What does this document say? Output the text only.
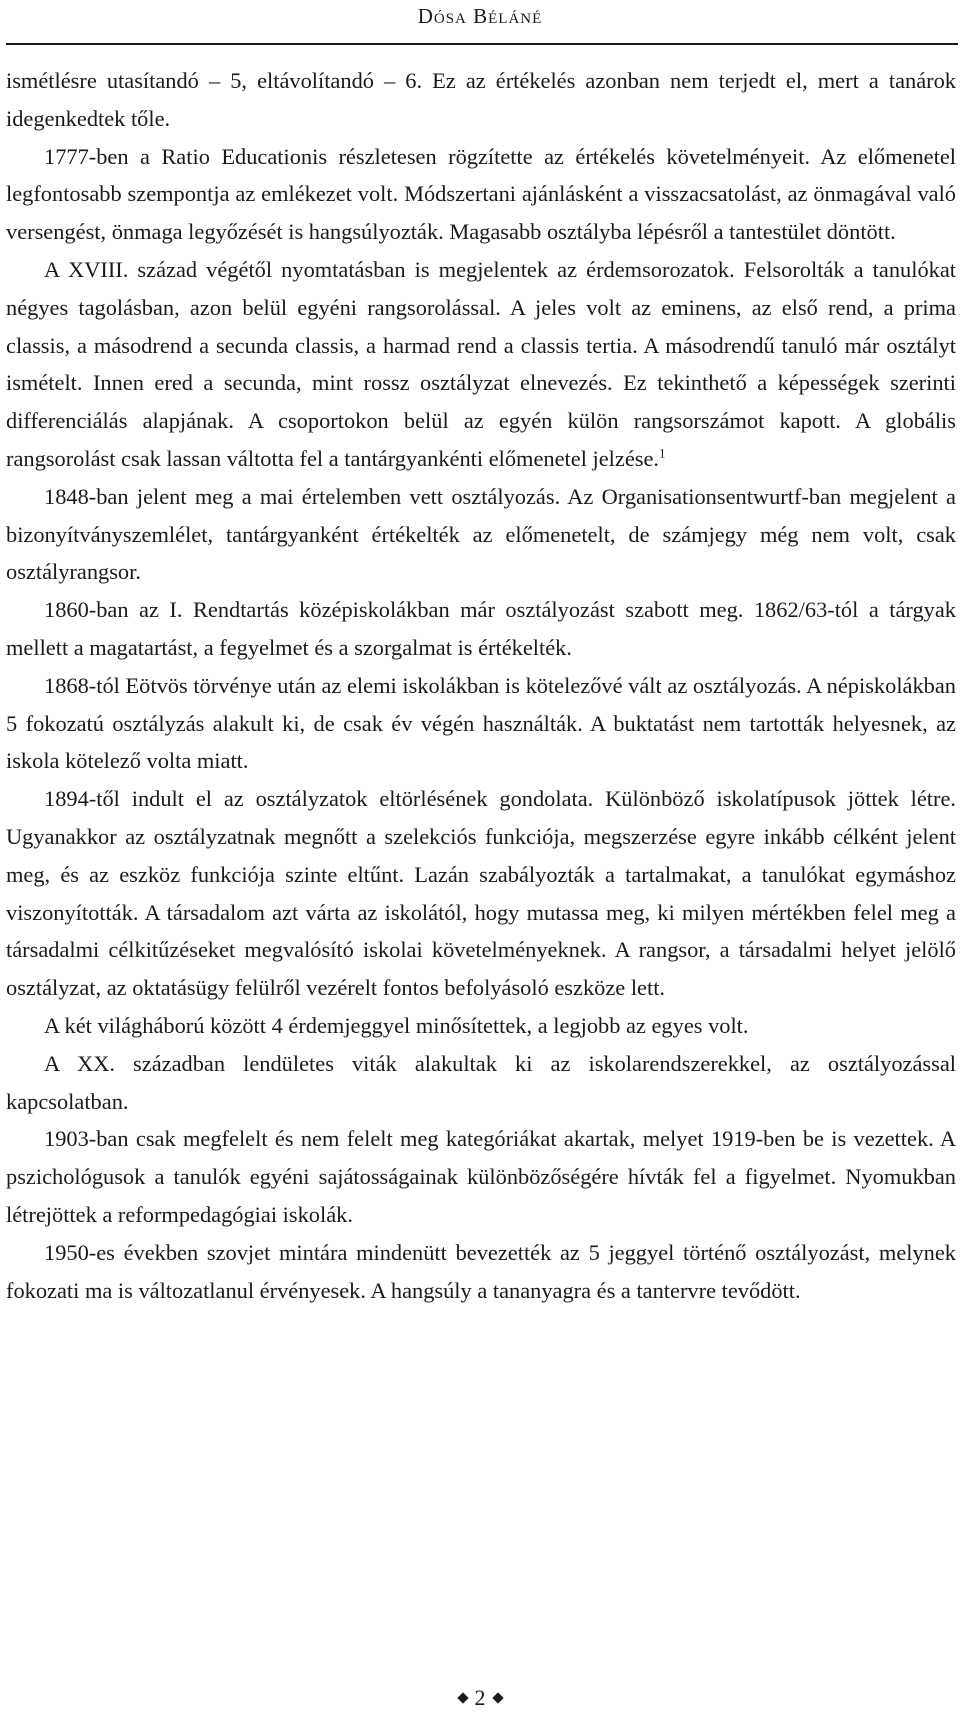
Dósa Béláné

ismétlésre utasítandó – 5, eltávolítandó – 6. Ez az értékelés azonban nem terjedt el, mert a tanárok idegenkedtek tőle.

1777-ben a Ratio Educationis részletesen rögzítette az értékelés követelményeit. Az előmenetel legfontosabb szempontja az emlékezet volt. Módszertani ajánlásként a visszacsatolást, az önmagával való versengést, önmaga legyőzését is hangsúlyozták. Magasabb osztályba lépésről a tantestület döntött.

A XVIII. század végétől nyomtatásban is megjelentek az érdemsorozatok. Felsorolták a tanulókat négyes tagolásban, azon belül egyéni rangsorolással. A jeles volt az eminens, az első rend, a prima classis, a másodrend a secunda classis, a harmad rend a classis tertia. A másodrendű tanuló már osztályt ismételt. Innen ered a secunda, mint rossz osztályzat elnevezés. Ez tekinthető a képességek szerinti differenciálás alapjának. A csoportokon belül az egyén külön rangsorszámot kapott. A globális rangsorolást csak lassan váltotta fel a tantárgyankénti előmenetel jelzése.$^1$

1848-ban jelent meg a mai értelemben vett osztályozás. Az Organisationsentwurtf-ban megjelent a bizonyítványszemlélet, tantárgyanként értékelték az előmenetelt, de számjegy még nem volt, csak osztályrangsor.

1860-ban az I. Rendtartás középiskolákban már osztályozást szabott meg. 1862/63-tól a tárgyak mellett a magatartást, a fegyelmet és a szorgalmat is értékelték.

1868-tól Eötvös törvénye után az elemi iskolákban is kötelezővé vált az osztályozás. A népiskolákban 5 fokozatú osztályzás alakult ki, de csak év végén használták. A buktatást nem tartották helyesnek, az iskola kötelező volta miatt.

1894-től indult el az osztályzatok eltörlésének gondolata. Különböző iskolatípusok jöttek létre. Ugyanakkor az osztályzatnak megnőtt a szelekciós funkciója, megszerzése egyre inkább célként jelent meg, és az eszköz funkciója szinte eltűnt. Lazán szabályozták a tartalmakat, a tanulókat egymáshoz viszonyították. A társadalom azt várta az iskolától, hogy mutassa meg, ki milyen mértékben felel meg a társadalmi célkitűzéseket megvalósító iskolai követelményeknek. A rangsor, a társadalmi helyet jelölő osztályzat, az oktatásügy felülről vezérelt fontos befolyásoló eszköze lett.

A két világháború között 4 érdemjeggyel minősítettek, a legjobb az egyes volt.

A XX. században lendületes viták alakultak ki az iskolarendszerekkel, az osztályozással kapcsolatban.

1903-ban csak megfelelt és nem felelt meg kategóriákat akartak, melyet 1919-ben be is vezettek. A pszichológusok a tanulók egyéni sajátosságainak különbözőségére hívták fel a figyelmet. Nyomukban létrejöttek a reformpedagógiai iskolák.

1950-es években szovjet mintára mindenütt bevezették az 5 jeggyel történő osztályozást, melynek fokozati ma is változatlanul érvényesek. A hangsúly a tananyagra és a tantervre tevődött.

2
